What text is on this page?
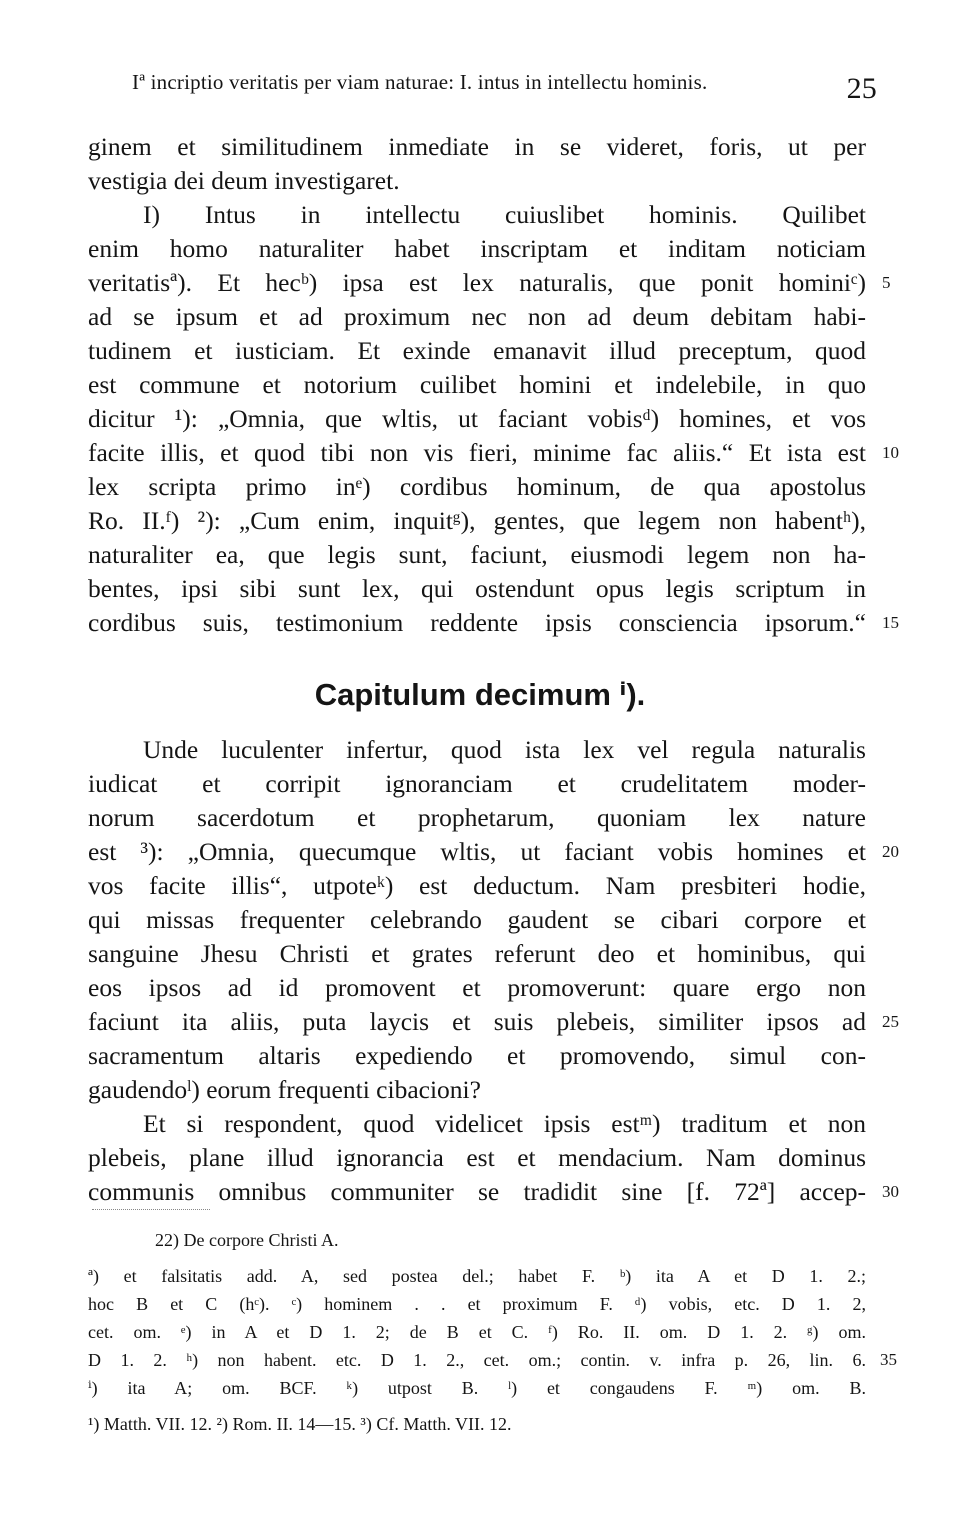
Iª incriptio veritatis per viam naturae: I. intus in intellectu hominis.	25
ginem et similitudinem inmediate in se videret, foris, ut per
vestigia dei deum investigaret.
I) Intus in intellectu cuiuslibet hominis. Quilibet
enim homo naturaliter habet inscriptam et inditam noticiam
veritatisª). Et hecᵇ) ipsa est lex naturalis, que ponit hominiᶜ)
ad se ipsum et ad proximum nec non ad deum debitam habi-
tudinem et iusticiam. Et exinde emanavit illud preceptum, quod
est commune et notorium cuilibet homini et indelebile, in quo
dicitur ¹): „Omnia, que wltis, ut faciant vobisᵈ) homines, et vos
facite illis, et quod tibi non vis fieri, minime fac aliis.“ Et ista est
lex scripta primo inᵉ) cordibus hominum, de qua apostolus
Ro. II.ᶠ) ²): „Cum enim, inquitᵍ), gentes, que legem non habentʰ),
naturaliter ea, que legis sunt, faciunt, eiusmodi legem non ha-
bentes, ipsi sibi sunt lex, qui ostendunt opus legis scriptum in
cordibus suis, testimonium reddente ipsis consciencia ipsorum.“
Capitulum decimum ⁱ).
Unde luculenter infertur, quod ista lex vel regula naturalis
iudicat et corripit ignoranciam et crudelitatem moder-
norum sacerdotum et prophetarum, quoniam lex nature
est ³): „Omnia, quecumque wltis, ut faciant vobis homines et
vos facite illis“, utpoteᵏ) est deductum. Nam presbiteri hodie,
qui missas frequenter celebrando gaudent se cibari corpore et
sanguine Jhesu Christi et grates referunt deo et hominibus, qui
eos ipsos ad id promovent et promoverunt: quare ergo non
faciunt ita aliis, puta laycis et suis plebeis, similiter ipsos ad
sacramentum altaris expediendo et promovendo, simul con-
gaudendoˡ) eorum frequenti cibacioni?
Et si respondent, quod videlicet ipsis estᵐ) traditum et non
plebeis, plane illud ignorancia est et mendacium. Nam dominus
communis omnibus communiter se tradidit sine [f. 72ª] accep-
5
10
15
20
25
30
22) De corpore Christi A.
ª) et falsitatis add. A, sed postea del.; habet F. ᵇ) ita A et D 1. 2.;
hoc B et C (hᶜ). ᶜ) hominem . . et proximum F. ᵈ) vobis, etc. D 1. 2,
cet. om. ᵉ) in A et D 1. 2; de B et C. ᶠ) Ro. II. om. D 1. 2. ᵍ) om.
D 1. 2. ʰ) non habent. etc. D 1. 2., cet. om.; contin. v. infra p. 26, lin. 6.
ⁱ) ita A; om. BCF. ᵏ) utpost B. ˡ) et congaudens F. ᵐ) om. B.
¹) Matth. VII. 12. ²) Rom. II. 14—15. ³) Cf. Matth. VII. 12.
35
